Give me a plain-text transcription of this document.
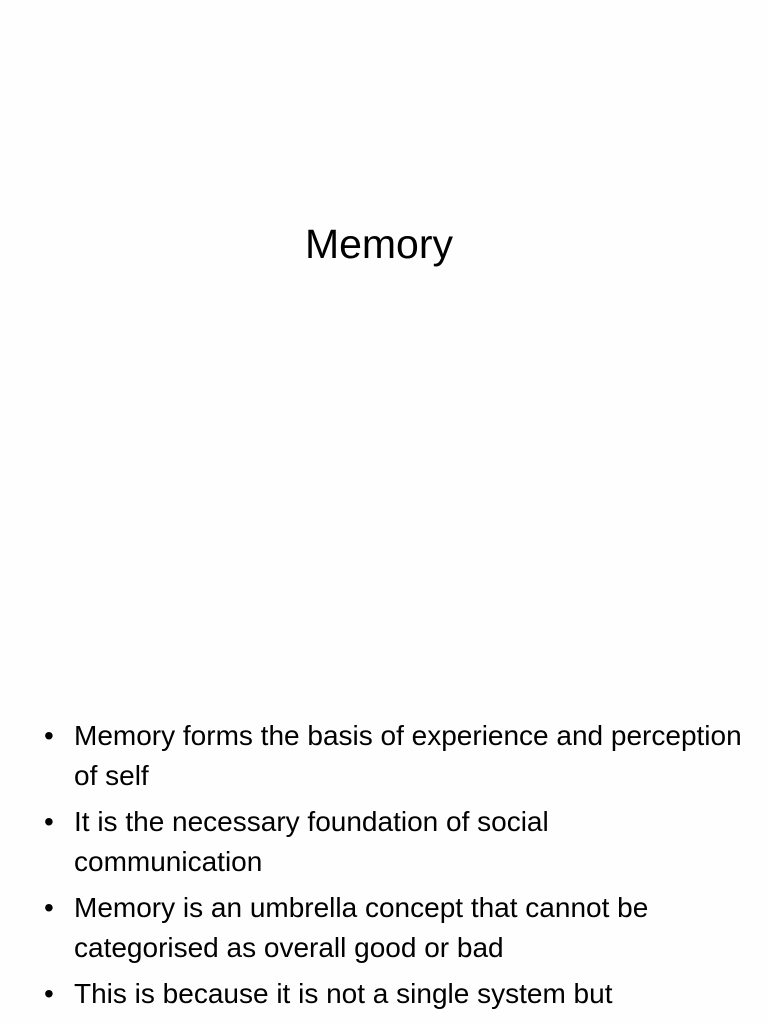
Memory
• Memory forms the basis of experience and perception of self
• It is the necessary foundation of social communication
• Memory is an umbrella concept that cannot be categorised as overall good or bad
• This is because it is not a single system but
